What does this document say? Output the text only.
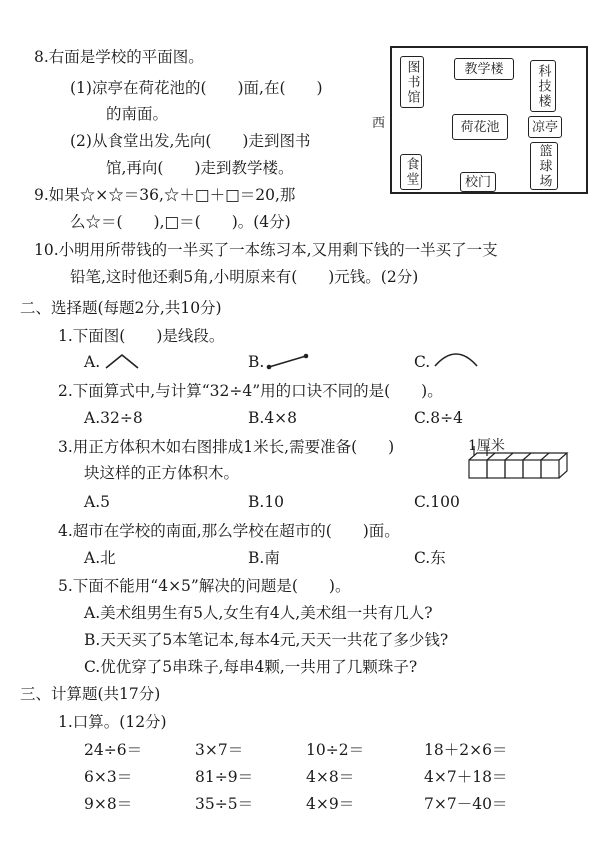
8.右面是学校的平面图。
(1)凉亭在荷花池的(　　)面,在(　　)
的南面。
(2)从食堂出发,先向(　　)走到图书
馆,再向(　　)走到教学楼。
西
图书馆	教学楼	科技楼
荷花池	凉亭
篮球场
食堂	校门
9.如果☆×☆＝36,☆＋□＋□＝20,那
么☆＝(　　),□＝(　　)。(4分)
10.小明用所带钱的一半买了一本练习本,又用剩下钱的一半买了一支
铅笔,这时他还剩5角,小明原来有(　　)元钱。(2分)
二、选择题(每题2分,共10分)
1.下面图(　　)是线段。
A.	B.	C.
2.下面算式中,与计算“32÷4”用的口诀不同的是(　　)。
A.32÷8	B.4×8	C.8÷4
3.用正方体积木如右图排成1米长,需要准备(　　)
块这样的正方体积木。
1厘米
A.5	B.10	C.100
4.超市在学校的南面,那么学校在超市的(　　)面。
A.北	B.南	C.东
5.下面不能用“4×5”解决的问题是(　　)。
A.美术组男生有5人,女生有4人,美术组一共有几人?
B.天天买了5本笔记本,每本4元,天天一共花了多少钱?
C.优优穿了5串珠子,每串4颗,一共用了几颗珠子?
三、计算题(共17分)
1.口算。(12分)
24÷6＝	3×7＝	10÷2＝	18＋2×6＝
6×3＝	81÷9＝	4×8＝	4×7＋18＝
9×8＝	35÷5＝	4×9＝	7×7－40＝
